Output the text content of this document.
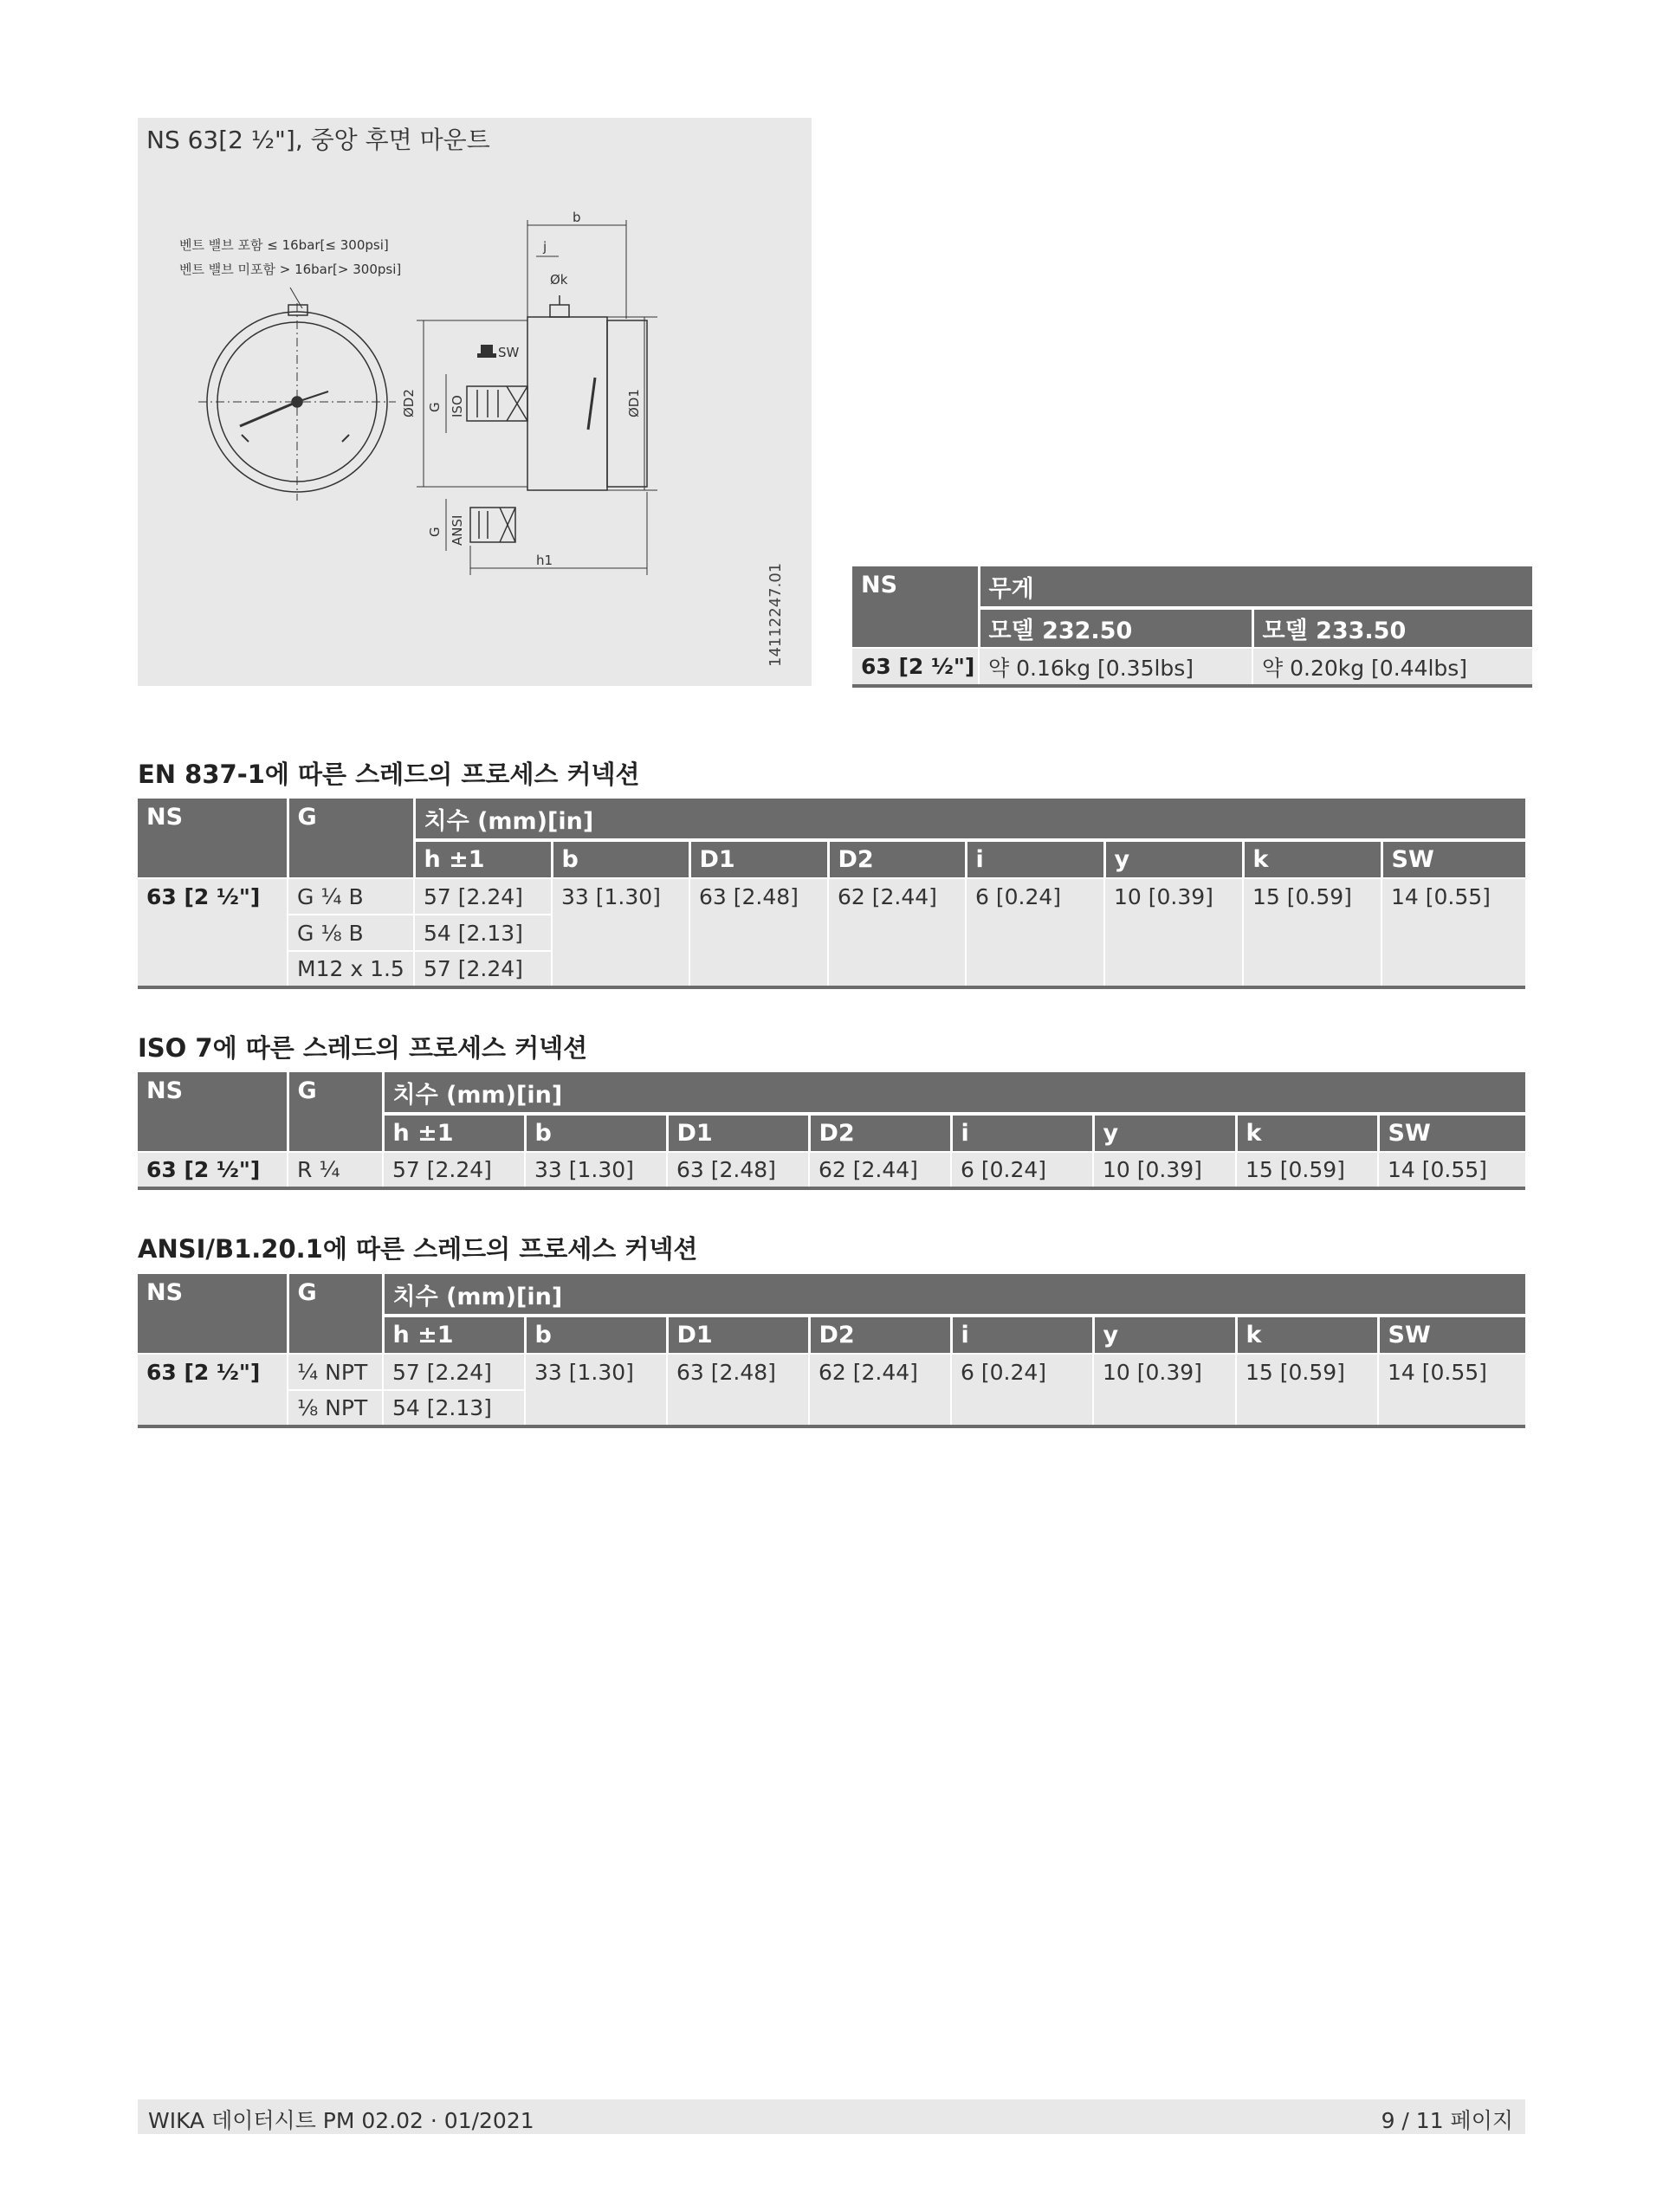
NS 63[2 ½"], 중앙 후면 마운트
벤트 밸브 포함 ≤ 16bar[≤ 300psi]
벤트 밸브 미포함 > 16bar[> 300psi]
b
j
Øk
SW
ØD2 G ISO	ØD1
G ANSI
h1
14112247.01	NS	무게	
	모델 232.50	모델 233.50
63 [2 ½"]	약 0.16kg [0.35lbs]	약 0.20kg [0.44lbs]
EN 837-1에 따른 스레드의 프로세스 커넥션
NS	G	치수 (mm)[in]							
		h ±1	b	D1	D2	i	y	k	SW
63 [2 ½"]	G ¼ B	57 [2.24]	33 [1.30]	63 [2.48]	62 [2.44]	6 [0.24]	10 [0.39]	15 [0.59]	14 [0.55]
	G ⅛ B	54 [2.13]							
	M12 x 1.5	57 [2.24]							
ISO 7에 따른 스레드의 프로세스 커넥션
NS	G	치수 (mm)[in]							
		h ±1	b	D1	D2	i	y	k	SW
63 [2 ½"]	R ¼	57 [2.24]	33 [1.30]	63 [2.48]	62 [2.44]	6 [0.24]	10 [0.39]	15 [0.59]	14 [0.55]
ANSI/B1.20.1에 따른 스레드의 프로세스 커넥션
NS	G	치수 (mm)[in]							
		h ±1	b	D1	D2	i	y	k	SW
63 [2 ½"]	¼ NPT	57 [2.24]	33 [1.30]	63 [2.48]	62 [2.44]	6 [0.24]	10 [0.39]	15 [0.59]	14 [0.55]
	⅛ NPT	54 [2.13]							
WIKA 데이터시트 PM 02.02 · 01/2021	9 / 11 페이지
